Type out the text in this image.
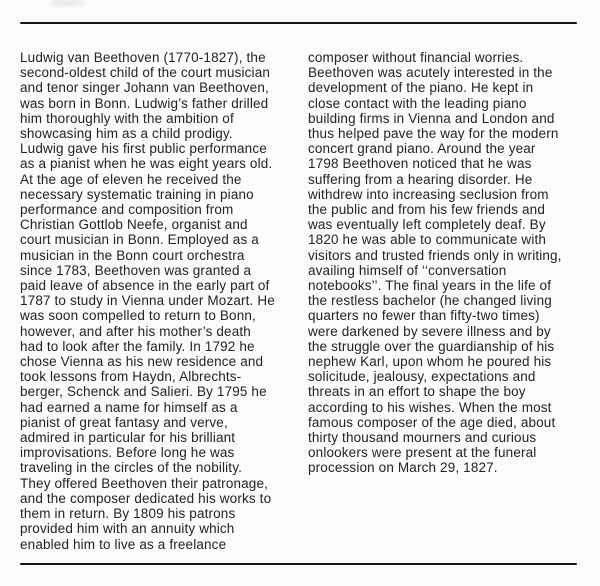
Ludwig van Beethoven (1770-1827), the
second-oldest child of the court musician
and tenor singer Johann van Beethoven,
was born in Bonn. Ludwig’s father drilled
him thoroughly with the ambition of
showcasing him as a child prodigy.
Ludwig gave his first public performance
as a pianist when he was eight years old.
At the age of eleven he received the
necessary systematic training in piano
performance and composition from
Christian Gottlob Neefe, organist and
court musician in Bonn. Employed as a
musician in the Bonn court orchestra
since 1783, Beethoven was granted a
paid leave of absence in the early part of
1787 to study in Vienna under Mozart. He
was soon compelled to return to Bonn,
however, and after his mother’s death
had to look after the family. In 1792 he
chose Vienna as his new residence and
took lessons from Haydn, Albrechts-
berger, Schenck and Salieri. By 1795 he
had earned a name for himself as a
pianist of great fantasy and verve,
admired in particular for his brilliant
improvisations. Before long he was
traveling in the circles of the nobility.
They offered Beethoven their patronage,
and the composer dedicated his works to
them in return. By 1809 his patrons
provided him with an annuity which
enabled him to live as a freelance
composer without financial worries.
Beethoven was acutely interested in the
development of the piano. He kept in
close contact with the leading piano
building firms in Vienna and London and
thus helped pave the way for the modern
concert grand piano. Around the year
1798 Beethoven noticed that he was
suffering from a hearing disorder. He
withdrew into increasing seclusion from
the public and from his few friends and
was eventually left completely deaf. By
1820 he was able to communicate with
visitors and trusted friends only in writing,
availing himself of ‘‘conversation
notebooks’’. The final years in the life of
the restless bachelor (he changed living
quarters no fewer than fifty-two times)
were darkened by severe illness and by
the struggle over the guardianship of his
nephew Karl, upon whom he poured his
solicitude, jealousy, expectations and
threats in an effort to shape the boy
according to his wishes. When the most
famous composer of the age died, about
thirty thousand mourners and curious
onlookers were present at the funeral
procession on March 29, 1827.
